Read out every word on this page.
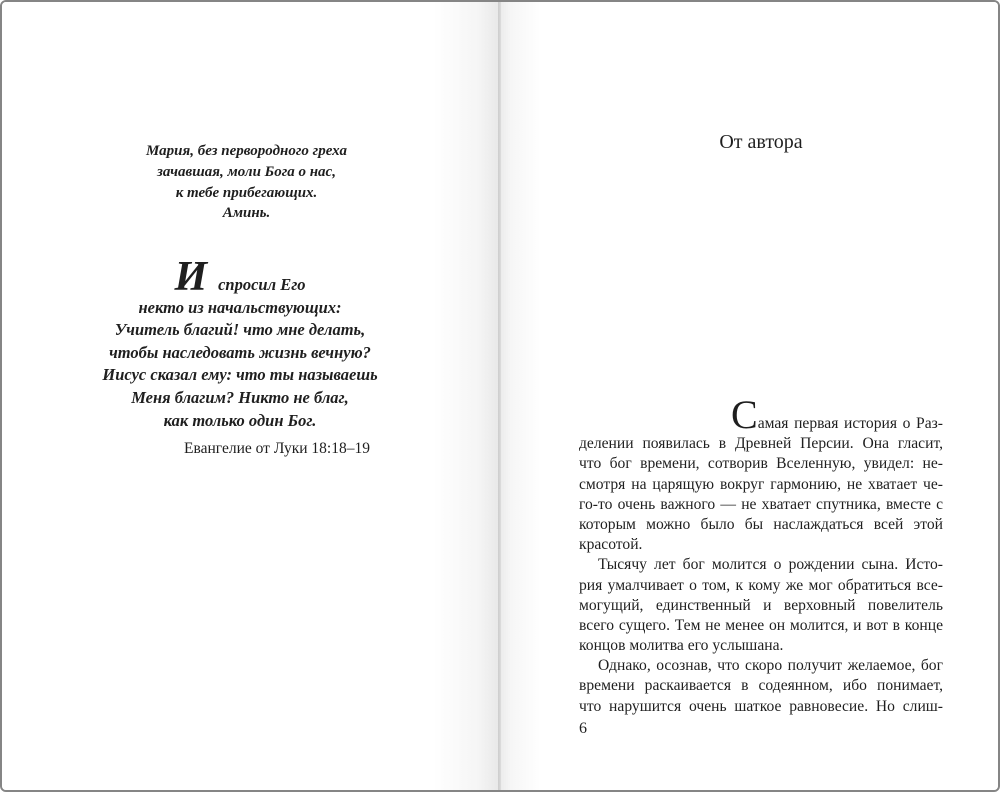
Мария, без первородного греха
зачавшая, моли Бога о нас,
к тебе прибегающих.
Аминь.
Испросил Его
некто из начальствующих:
Учитель благий! что мне делать,
чтобы наследовать жизнь вечную?
Иисус сказал ему: что ты называешь
Меня благим? Никто не благ,
как только один Бог.
Евангелие от Луки 18:18–19
От автора
Самая первая история о Раз-
делении появилась в Древней Персии. Она гласит,
что бог времени, сотворив Вселенную, увидел: не-
смотря на царящую вокруг гармонию, не хватает че-
го-то очень важного — не хватает спутника, вместе с
которым можно было бы наслаждаться всей этой
красотой.
Тысячу лет бог молится о рождении сына. Исто-
рия умалчивает о том, к кому же мог обратиться все-
могущий, единственный и верховный повелитель
всего сущего. Тем не менее он молится, и вот в конце
концов молитва его услышана.
Однако, осознав, что скоро получит желаемое, бог
времени раскаивается в содеянном, ибо понимает,
что нарушится очень шаткое равновесие. Но слиш-
6
